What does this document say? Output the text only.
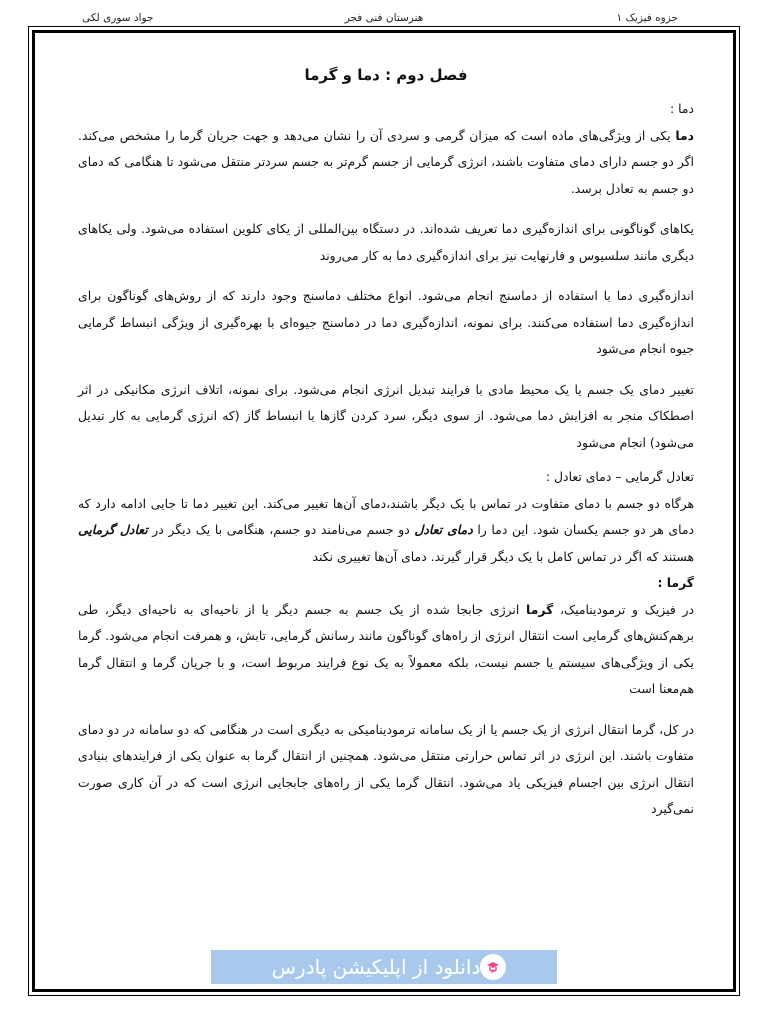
جزوه فیزیک ۱
هنرستان فنی فجر
جواد سوری لکی
فصل دوم : دما و گرما
دما :

دما یکی از ویژگی‌های ماده است که میزان گرمی و سردی آن را نشان می‌دهد و جهت جریان گرما را مشخص می‌کند. اگر دو جسم دارای دمای متفاوت باشند، انرژی گرمایی از جسم گرم‌تر به جسم سردتر منتقل می‌شود تا هنگامی که دمای دو جسم به تعادل برسد.

یکاهای گوناگونی برای اندازه‌گیری دما تعریف شده‌اند. در دستگاه بین‌المللی از یکای کلوین استفاده می‌شود. ولی یکاهای دیگری مانند سلسیوس و فارنهایت نیز برای اندازه‌گیری دما به کار می‌روند

اندازه‌گیری دما با استفاده از دماسنج انجام می‌شود. انواع مختلف دماسنج وجود دارند که از روش‌های گوناگون برای اندازه‌گیری دما استفاده می‌کنند. برای نمونه، اندازه‌گیری دما در دماسنج جیوه‌ای با بهره‌گیری از ویژگی انبساط گرمایی جیوه انجام می‌شود

تغییر دمای یک جسم یا یک محیط مادی با فرایند تبدیل انرژی انجام می‌شود. برای نمونه، اتلاف انرژی مکانیکی در اثر اصطکاک منجر به افزایش دما می‌شود. از سوی دیگر، سرد کردن گازها با انبساط گاز (که انرژی گرمایی به کار تبدیل می‌شود) انجام می‌شود

تعادل گرمایی – دمای تعادل :

هرگاه دو جسم با دمای متفاوت در تماس با یک دیگر باشند،دمای آن‌ها تغییر می‌کند. این تغییر دما تا جایی ادامه دارد که دمای هر دو جسم یکسان شود. این دما را دمای تعادل دو جسم می‌نامند دو جسم، هنگامی با یک دیگر در تعادل گرمایی هستند که اگر در تماس کامل با یک دیگر قرار گیرند. دمای آن‌ها تغییری نکند

گرما :

در فیزیک و ترمودینامیک، گرما انرژی جابجا شده از یک جسم به جسم دیگر یا از ناحیه‌ای به ناحیه‌ای دیگر، طی برهم‌کنش‌های گرمایی است انتقال انرژی از راه‌های گوناگون مانند رسانش گرمایی، تابش، و همرفت انجام می‌شود. گرما یکی از ویژگی‌های سیستم یا جسم نیست، بلکه معمولاً به یک نوع فرایند مربوط است، و با جریان گرما و انتقال گرما هم‌معنا است

در کل، گرما انتقال انرژی از یک جسم یا از یک سامانه ترمودینامیکی به دیگری است در هنگامی که دو سامانه در دو دمای متفاوت باشند. این انرژی در اثر تماس حرارتی منتقل می‌شود. همچنین از انتقال گرما به عنوان یکی از فرایندهای بنیادی انتقال انرژی بین اجسام فیزیکی یاد می‌شود. انتقال گرما یکی از راه‌های جابجایی انرژی است که در آن کاری صورت نمی‌گیرد

P
دانلود از اپلیکیشن پادرس
